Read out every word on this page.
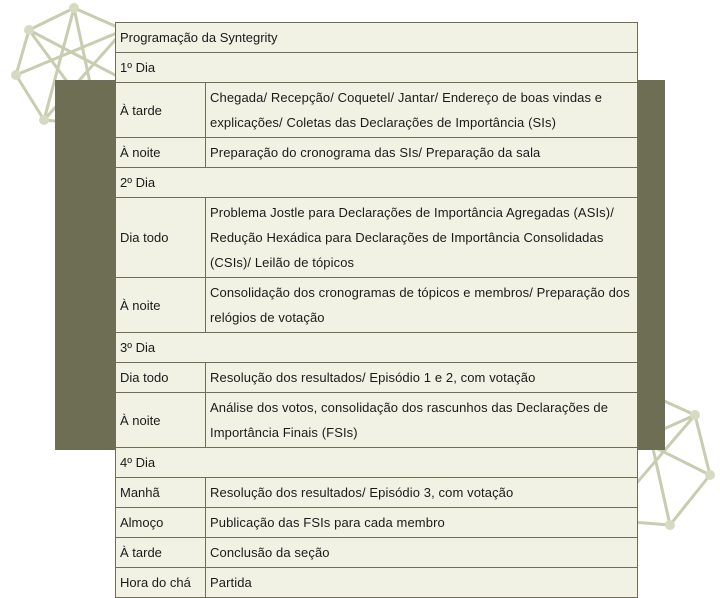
Programação da Syntegrity	
1º Dia	
À tarde	Chegada/ Recepção/ Coquetel/ Jantar/ Endereço de boas vindas e explicações/ Coletas das Declarações de Importância (SIs)
À noite	Preparação do cronograma das SIs/ Preparação da sala
2º Dia	
Dia todo	Problema Jostle para Declarações de Importância Agregadas (ASIs)/ Redução Hexádica para Declarações de Importância Consolidadas (CSIs)/ Leilão de tópicos
À noite	Consolidação dos cronogramas de tópicos e membros/ Preparação dos relógios de votação
3º Dia	
Dia todo	Resolução dos resultados/ Episódio 1 e 2, com votação
À noite	Análise dos votos, consolidação dos rascunhos das Declarações de Importância Finais (FSIs)
4º Dia	
Manhã	Resolução dos resultados/ Episódio 3, com votação
Almoço	Publicação das FSIs para cada membro
À tarde	Conclusão da seção
Hora do chá	Partida
